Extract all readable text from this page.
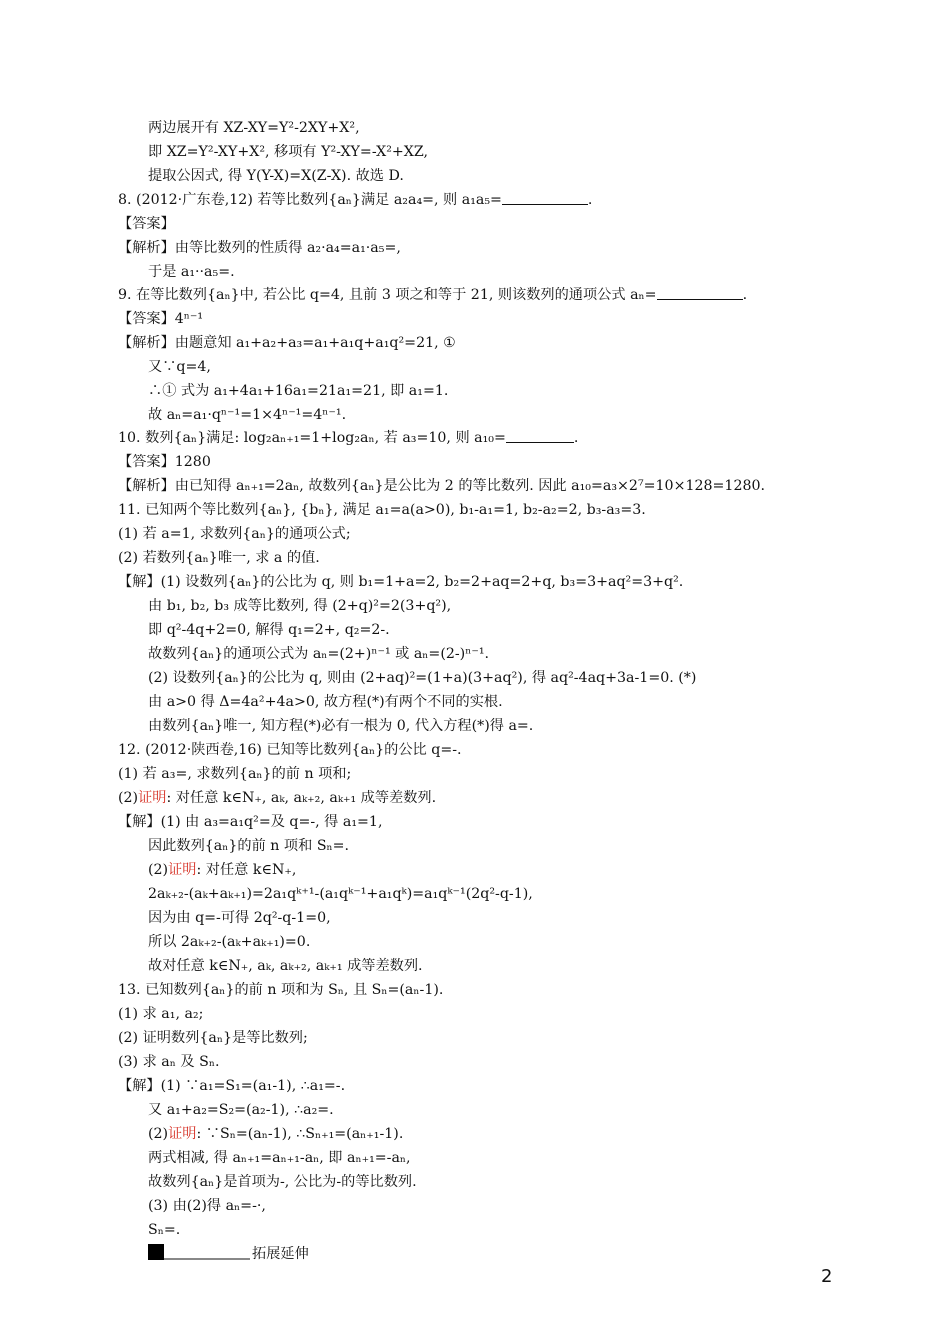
两边展开有 XZ-XY=Y²-2XY+X²,
即 XZ=Y²-XY+X², 移项有 Y²-XY=-X²+XZ,
提取公因式, 得 Y(Y-X)=X(Z-X). 故选 D.
8. (2012·广东卷,12) 若等比数列{aₙ}满足 a₂a₄=, 则 a₁a₅=	.
【答案】
【解析】由等比数列的性质得 a₂·a₄=a₁·a₅=,
于是 a₁··a₅=.
9. 在等比数列{aₙ}中, 若公比 q=4, 且前 3 项之和等于 21, 则该数列的通项公式 aₙ=	.
【答案】4ⁿ⁻¹
【解析】由题意知 a₁+a₂+a₃=a₁+a₁q+a₁q²=21, ①
又∵q=4,
∴① 式为 a₁+4a₁+16a₁=21a₁=21, 即 a₁=1.
故 aₙ=a₁·qⁿ⁻¹=1×4ⁿ⁻¹=4ⁿ⁻¹.
10. 数列{aₙ}满足: log₂aₙ₊₁=1+log₂aₙ, 若 a₃=10, 则 a₁₀=	.
【答案】1280
【解析】由已知得 aₙ₊₁=2aₙ, 故数列{aₙ}是公比为 2 的等比数列. 因此 a₁₀=a₃×2⁷=10×128=1280.
11. 已知两个等比数列{aₙ}, {bₙ}, 满足 a₁=a(a>0), b₁-a₁=1, b₂-a₂=2, b₃-a₃=3.
(1) 若 a=1, 求数列{aₙ}的通项公式;
(2) 若数列{aₙ}唯一, 求 a 的值.
【解】(1) 设数列{aₙ}的公比为 q, 则 b₁=1+a=2, b₂=2+aq=2+q, b₃=3+aq²=3+q².
由 b₁, b₂, b₃ 成等比数列, 得 (2+q)²=2(3+q²),
即 q²-4q+2=0, 解得 q₁=2+, q₂=2-.
故数列{aₙ}的通项公式为 aₙ=(2+)ⁿ⁻¹ 或 aₙ=(2-)ⁿ⁻¹.
(2) 设数列{aₙ}的公比为 q, 则由 (2+aq)²=(1+a)(3+aq²), 得 aq²-4aq+3a-1=0. (*)
由 a>0 得 Δ=4a²+4a>0, 故方程(*)有两个不同的实根.
由数列{aₙ}唯一, 知方程(*)必有一根为 0, 代入方程(*)得 a=.
12. (2012·陕西卷,16) 已知等比数列{aₙ}的公比 q=-.
(1) 若 a₃=, 求数列{aₙ}的前 n 项和;
(2)证明: 对任意 k∈N₊, aₖ, aₖ₊₂, aₖ₊₁ 成等差数列.
【解】(1) 由 a₃=a₁q²=及 q=-, 得 a₁=1,
因此数列{aₙ}的前 n 项和 Sₙ=.
(2)证明: 对任意 k∈N₊,
2aₖ₊₂-(aₖ+aₖ₊₁)=2a₁qᵏ⁺¹-(a₁qᵏ⁻¹+a₁qᵏ)=a₁qᵏ⁻¹(2q²-q-1),
因为由 q=-可得 2q²-q-1=0,
所以 2aₖ₊₂-(aₖ+aₖ₊₁)=0.
故对任意 k∈N₊, aₖ, aₖ₊₂, aₖ₊₁ 成等差数列.
13. 已知数列{aₙ}的前 n 项和为 Sₙ, 且 Sₙ=(aₙ-1).
(1) 求 a₁, a₂;
(2) 证明数列{aₙ}是等比数列;
(3) 求 aₙ 及 Sₙ.
【解】(1) ∵a₁=S₁=(a₁-1), ∴a₁=-.
又 a₁+a₂=S₂=(a₂-1), ∴a₂=.
(2)证明: ∵Sₙ=(aₙ-1), ∴Sₙ₊₁=(aₙ₊₁-1).
两式相减, 得 aₙ₊₁=aₙ₊₁-aₙ, 即 aₙ₊₁=-aₙ,
故数列{aₙ}是首项为-, 公比为-的等比数列.
(3) 由(2)得 aₙ=-·,
Sₙ=.
拓展延伸
2
